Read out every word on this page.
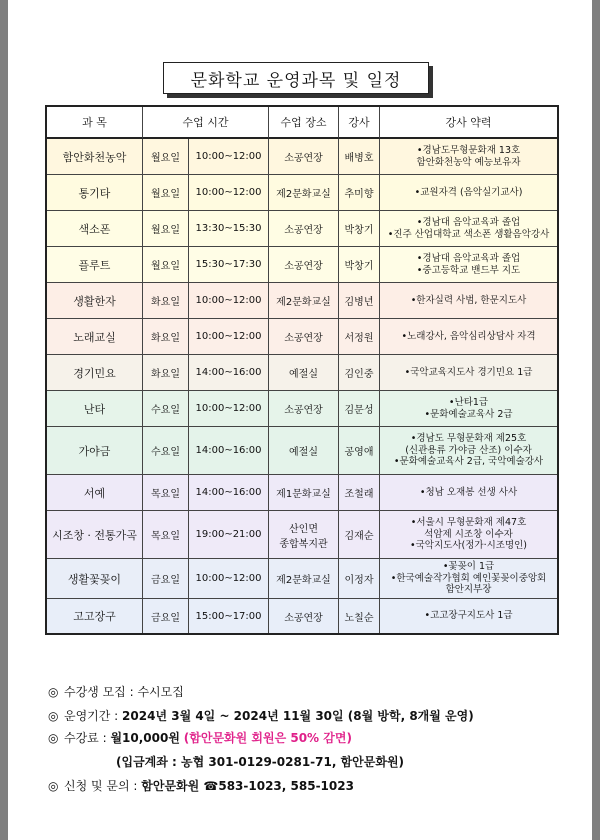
문화학교 운영과목 및 일정
과 목	수업 시간		수업 장소	강사	강사 약력
함안화천농악	월요일	10:00~12:00	소공연장	배병호	•경남도무형문화재 13호
함안화천농악 예능보유자

통기타	월요일	10:00~12:00	제2문화교실	추미향	•교원자격 (음악실기교사)

색소폰	월요일	13:30~15:30	소공연장	박창기	•경남대 음악교육과 졸업
•진주 산업대학교 색소폰 생활음악강사

플루트	월요일	15:30~17:30	소공연장	박창기	•경남대 음악교육과 졸업
•중고등학교 밴드부 지도

생활한자	화요일	10:00~12:00	제2문화교실	김병년	•한자실력 사범, 한문지도사

노래교실	화요일	10:00~12:00	소공연장	서정원	•노래강사, 음악심리상담사 자격

경기민요	화요일	14:00~16:00	예절실	김인중	•국악교육지도사 경기민요 1급

난타	수요일	10:00~12:00	소공연장	김문성	•난타1급
•문화예술교육사 2급

가야금	수요일	14:00~16:00	예절실	공영애	•경남도 무형문화재 제25호
(신관용류 가야금 산조) 이수자
•문화예술교육사 2급, 국악예술강사

서예	목요일	14:00~16:00	제1문화교실	조철래	•청남 오재봉 선생 사사

시조창 · 전통가곡	목요일	19:00~21:00	산인면
종합복지관	김재순	•서울시 무형문화재 제47호
석암제 시조창 이수자
•국악지도사(정가·시조명인)

생활꽃꽂이	금요일	10:00~12:00	제2문화교실	이정자	•꽃꽂이 1급
•한국예술작가협회 예인꽃꽂이중앙회
함안지부장

고고장구	금요일	15:00~17:00	소공연장	노칠순	•고고장구지도사 1급
◎ 수강생 모집 : 수시모집
◎ 운영기간 : 2024년 3월 4일 ~ 2024년 11월 30일 (8월 방학, 8개월 운영)
◎ 수강료 : 월10,000원 (함안문화원 회원은 50% 감면)
(입금계좌 : 농협 301-0129-0281-71, 함안문화원)
◎ 신청 및 문의 : 함안문화원 ☎583-1023, 585-1023
